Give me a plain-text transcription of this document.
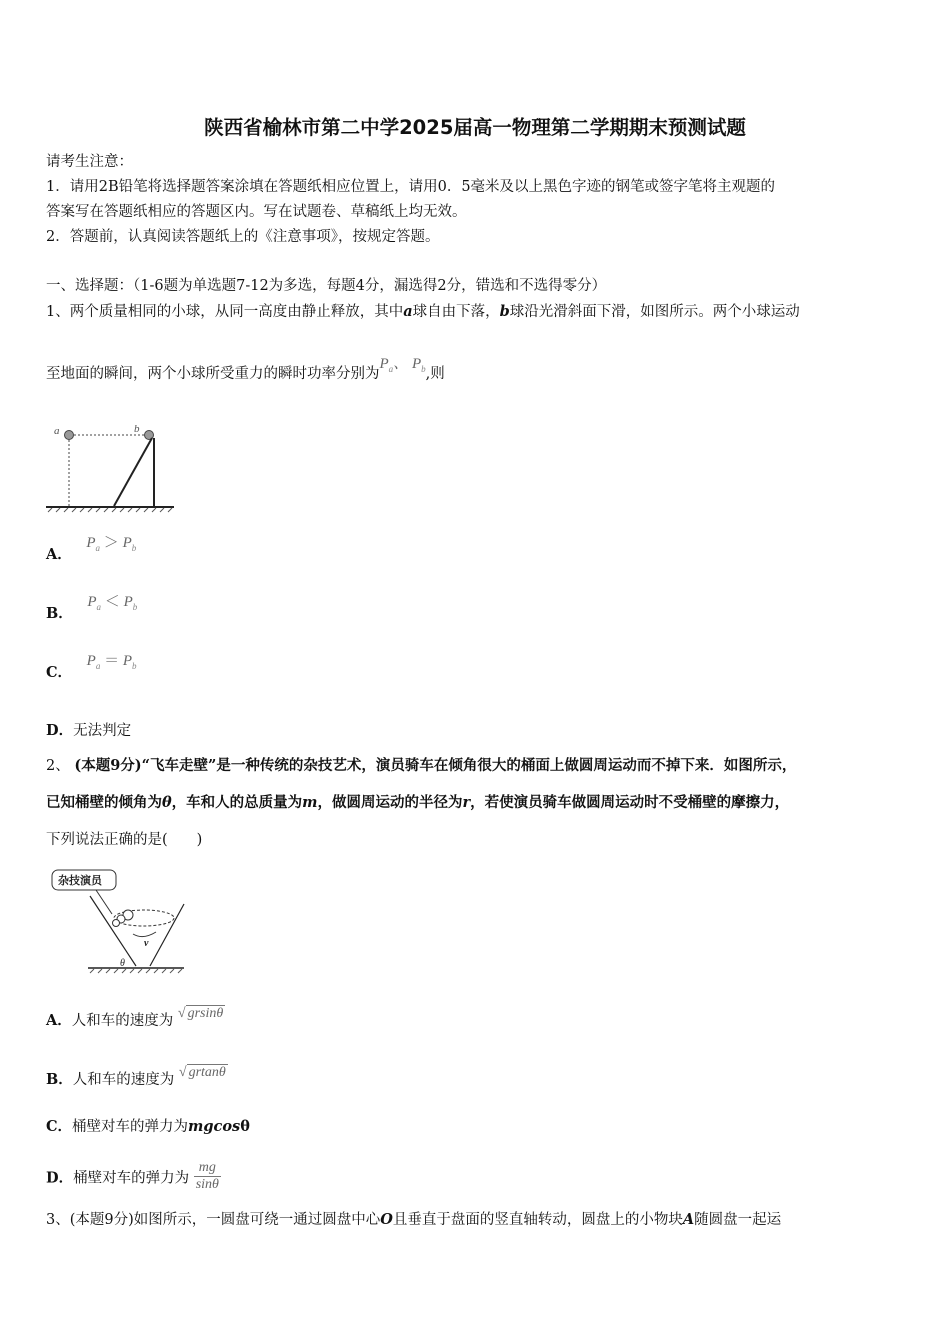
陕西省榆林市第二中学2025届高一物理第二学期期末预测试题
请考生注意：
1．请用2B铅笔将选择题答案涂填在答题纸相应位置上，请用0．5毫米及以上黑色字迹的钢笔或签字笔将主观题的
答案写在答题纸相应的答题区内。写在试题卷、草稿纸上均无效。
2．答题前，认真阅读答题纸上的《注意事项》，按规定答题。
一、选择题：（1-6题为单选题7-12为多选，每题4分，漏选得2分，错选和不选得零分）
1、两个质量相同的小球，从同一高度由静止释放，其中a球自由下落，b球沿光滑斜面下滑，如图所示。两个小球运动
至地面的瞬间，两个小球所受重力的瞬时功率分别为$P_a$、 $P_b$,则
a	b
A． $P_a > P_b$
B． $P_a < P_b$
C． $P_a = P_b$
D．无法判定
2、 (本题9分)“飞车走壁”是一种传统的杂技艺术，演员骑车在倾角很大的桶面上做圆周运动而不掉下来．如图所示，
已知桶壁的倾角为θ，车和人的总质量为m，做圆周运动的半径为r，若使演员骑车做圆周运动时不受桶壁的摩擦力，
下列说法正确的是(　　)
杂技演员
v
θ
A．人和车的速度为 √ grsinθ
B．人和车的速度为 √ grtanθ
C．桶壁对车的弹力为mgcosθ
D．桶壁对车的弹力为 $\frac{mg}{\sin\theta}$
3、(本题9分)如图所示，一圆盘可绕一通过圆盘中心O且垂直于盘面的竖直轴转动，圆盘上的小物块A随圆盘一起运
